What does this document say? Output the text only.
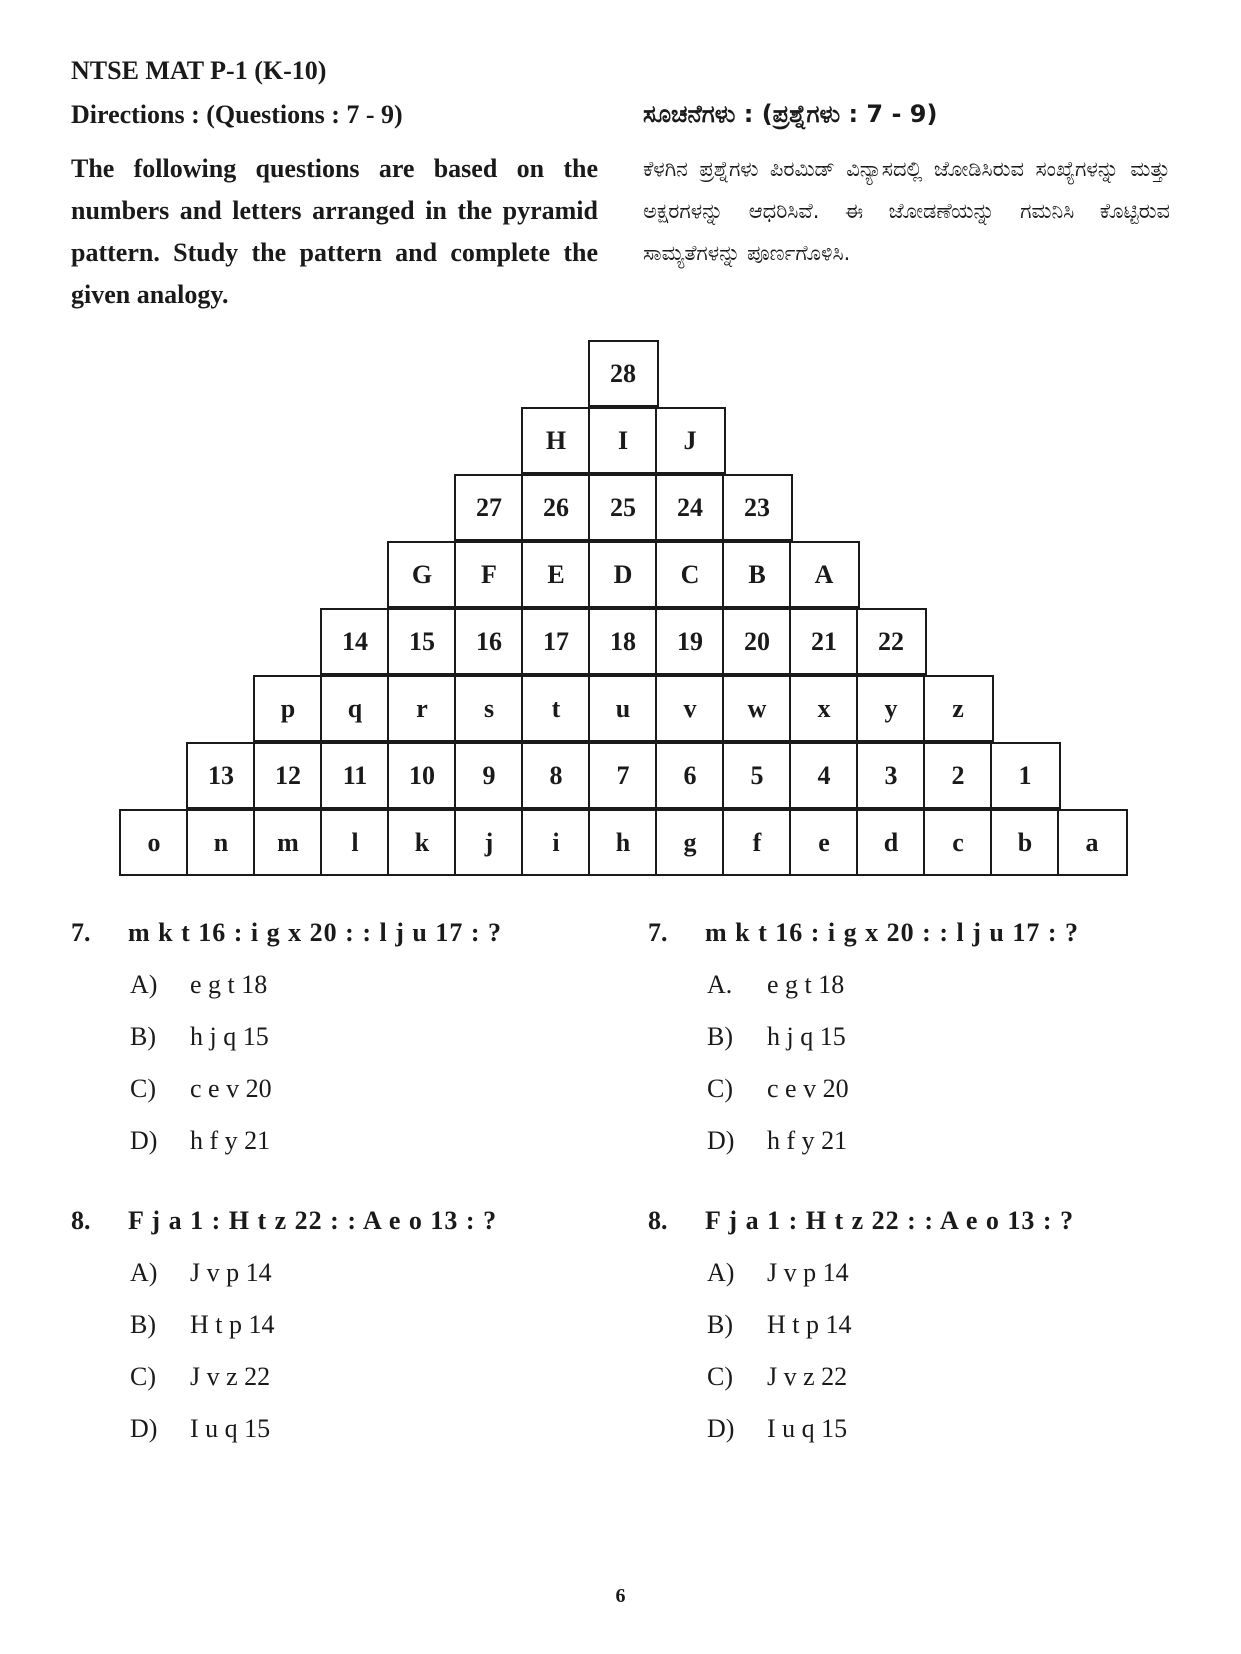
NTSE MAT P-1 (K-10)
Directions : (Questions : 7 - 9)
The following questions are based on the numbers and letters arranged in the pyramid pattern. Study the pattern and complete the given analogy.
ಸೂಚನೆಗಳು : (ಪ್ರಶ್ನೆಗಳು : 7 - 9)
ಕೆಳಗಿನ ಪ್ರಶ್ನೆಗಳು ಪಿರಮಿಡ್ ವಿನ್ಯಾಸದಲ್ಲಿ ಜೋಡಿಸಿರುವ ಸಂಖ್ಯೆಗಳನ್ನು ಮತ್ತು ಅಕ್ಷರಗಳನ್ನು ಆಧರಿಸಿವೆ. ಈ ಜೋಡಣೆಯನ್ನು ಗಮನಿಸಿ ಕೊಟ್ಟಿರುವ ಸಾಮ್ಯತೆಗಳನ್ನು ಪೂರ್ಣಗೊಳಿಸಿ.
28
H	I	J
27	26	25	24	23
G	F	E	D	C	B	A
14	15	16	17	18	19	20	21	22
p	q	r	s	t	u	v	w	x	y	z
13	12	11	10	9	8	7	6	5	4	3	2	1
o	n	m	l	k	j	i	h	g	f	e	d	c	b	a
7. m k t 16 : i g x 20 : : l j u 17 : ?
A) e g t 18
B) h j q 15
C) c e v 20
D) h f y 21
8. F j a 1 : H t z 22 : : A e o 13 : ?
A) J v p 14
B) H t p 14
C) J v z 22
D) I u q 15
7. m k t 16 : i g x 20 : : l j u 17 : ?
A. e g t 18
B) h j q 15
C) c e v 20
D) h f y 21
8. F j a 1 : H t z 22 : : A e o 13 : ?
A) J v p 14
B) H t p 14
C) J v z 22
D) I u q 15
6
